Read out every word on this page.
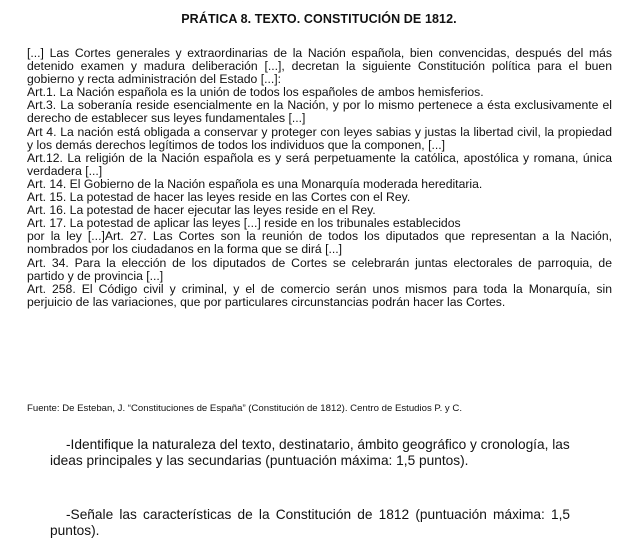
PRÁTICA 8. TEXTO. CONSTITUCIÓN DE 1812.

[...] Las Cortes generales y extraordinarias de la Nación española, bien convencidas, después del más detenido examen y madura deliberación [...], decretan la siguiente Constitución política para el buen gobierno y recta administración del Estado [...]:

Art.1. La Nación española es la unión de todos los españoles de ambos hemisferios.

Art.3. La soberanía reside esencialmente en la Nación, y por lo mismo pertenece a ésta exclusivamente el derecho de establecer sus leyes fundamentales [...]

Art 4. La nación está obligada a conservar y proteger con leyes sabias y justas la libertad civil, la propiedad y los demás derechos legítimos de todos los individuos que la componen, [...]

Art.12. La religión de la Nación española es y será perpetuamente la católica, apostólica y romana, única verdadera [...]

Art. 14. El Gobierno de la Nación española es una Monarquía moderada hereditaria.

Art. 15. La potestad de hacer las leyes reside en las Cortes con el Rey.

Art. 16. La potestad de hacer ejecutar las leyes reside en el Rey.

Art. 17. La potestad de aplicar las leyes [...] reside en los tribunales establecidos

por la ley [...]Art. 27. Las Cortes son la reunión de todos los diputados que representan a la Nación, nombrados por los ciudadanos en la forma que se dirá [...]

Art. 34. Para la elección de los diputados de Cortes se celebrarán juntas electorales de parroquia, de partido y de provincia [...]

Art. 258. El Código civil y criminal, y el de comercio serán unos mismos para toda la Monarquía, sin perjuicio de las variaciones, que por particulares circunstancias podrán hacer las Cortes.

Fuente: De Esteban, J. “Constituciones de España” (Constitución de 1812). Centro de Estudios P. y C.
-Identifique la naturaleza del texto, destinatario, ámbito geográfico y cronología, las ideas principales y las secundarias (puntuación máxima: 1,5 puntos).
-Señale las características de la Constitución de 1812 (puntuación máxima: 1,5 puntos).
